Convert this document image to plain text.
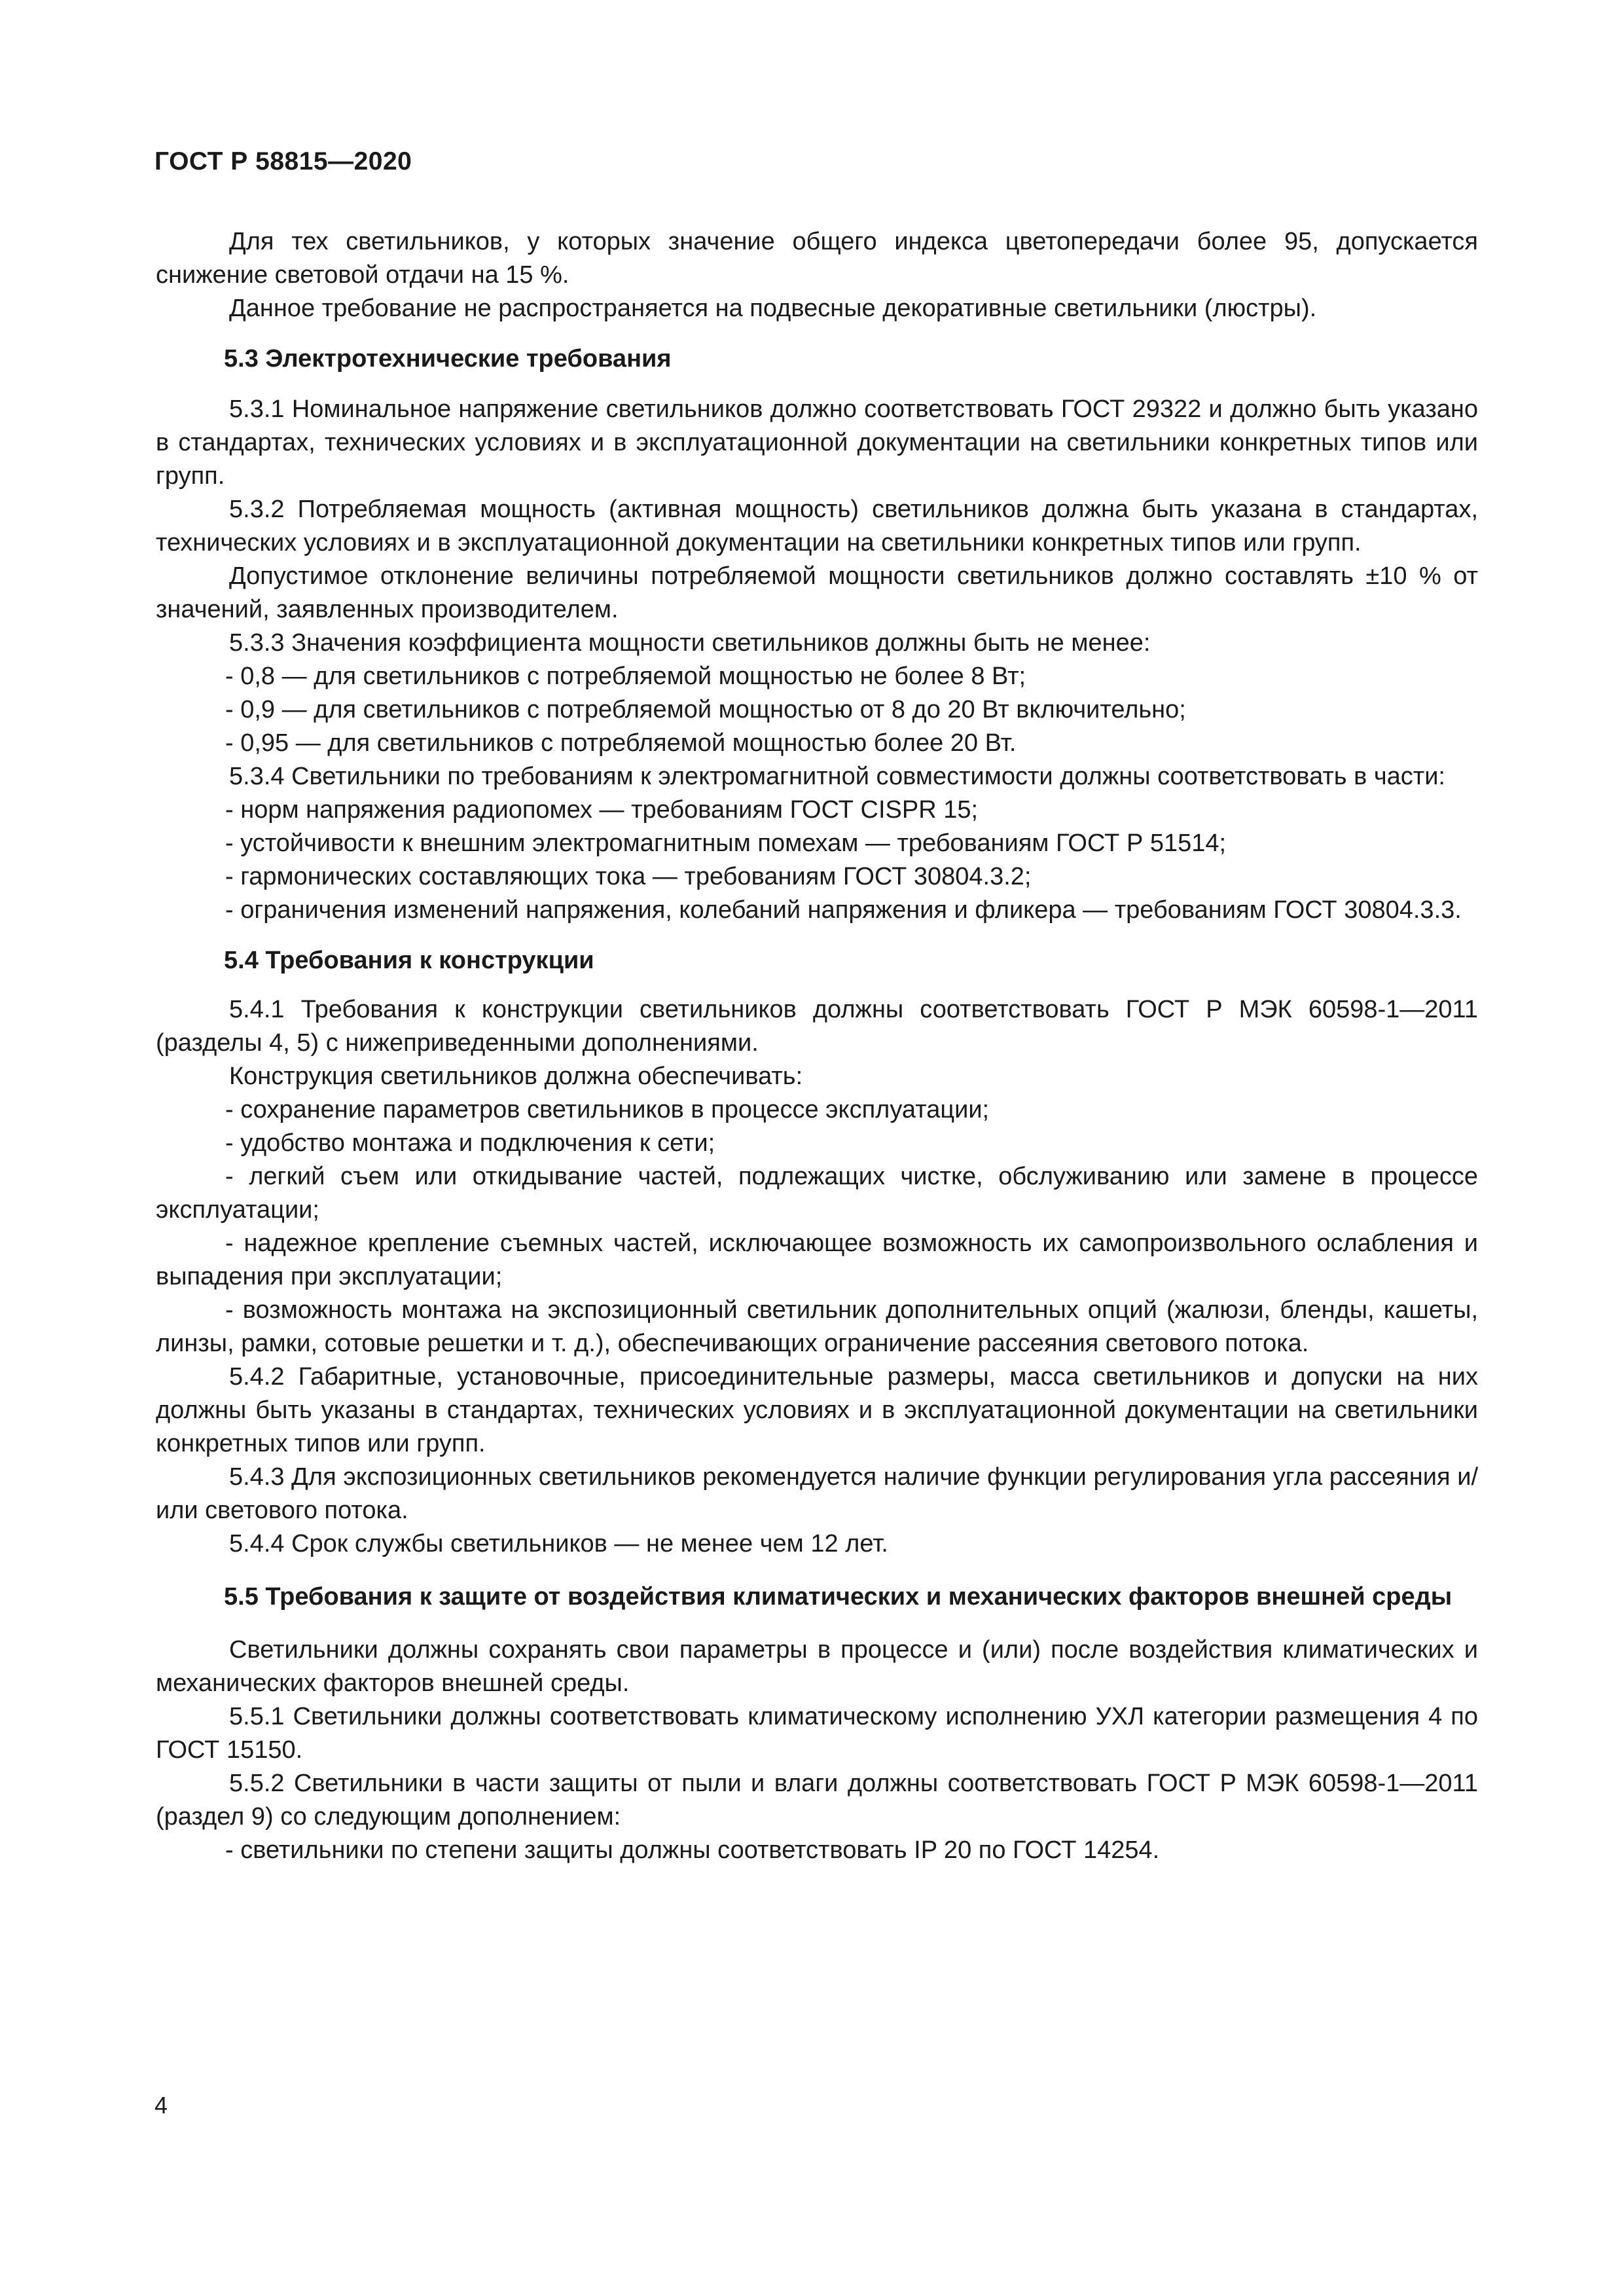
ГОСТ Р 58815—2020

Для тех светильников, у которых значение общего индекса цветопередачи более 95, допускается снижение световой отдачи на 15 %.

Данное требование не распространяется на подвесные декоративные светильники (люстры).

5.3 Электротехнические требования

5.3.1 Номинальное напряжение светильников должно соответствовать ГОСТ 29322 и должно быть указано в стандартах, технических условиях и в эксплуатационной документации на светильники конкретных типов или групп.

5.3.2 Потребляемая мощность (активная мощность) светильников должна быть указана в стандартах, технических условиях и в эксплуатационной документации на светильники конкретных типов или групп.

Допустимое отклонение величины потребляемой мощности светильников должно составлять ±10 % от значений, заявленных производителем.

5.3.3 Значения коэффициента мощности светильников должны быть не менее:

- 0,8 — для светильников с потребляемой мощностью не более 8 Вт;

- 0,9 — для светильников с потребляемой мощностью от 8 до 20 Вт включительно;

- 0,95 — для светильников с потребляемой мощностью более 20 Вт.

5.3.4 Светильники по требованиям к электромагнитной совместимости должны соответствовать в части:

- норм напряжения радиопомех — требованиям ГОСТ CISPR 15;

- устойчивости к внешним электромагнитным помехам — требованиям ГОСТ Р 51514;

- гармонических составляющих тока — требованиям ГОСТ 30804.3.2;

- ограничения изменений напряжения, колебаний напряжения и фликера — требованиям ГОСТ 30804.3.3.

5.4 Требования к конструкции

5.4.1 Требования к конструкции светильников должны соответствовать ГОСТ Р МЭК 60598-1—2011 (разделы 4, 5) с нижеприведенными дополнениями.

Конструкция светильников должна обеспечивать:

- сохранение параметров светильников в процессе эксплуатации;

- удобство монтажа и подключения к сети;

- легкий съем или откидывание частей, подлежащих чистке, обслуживанию или замене в процессе эксплуатации;

- надежное крепление съемных частей, исключающее возможность их самопроизвольного ослабления и выпадения при эксплуатации;

- возможность монтажа на экспозиционный светильник дополнительных опций (жалюзи, бленды, кашеты, линзы, рамки, сотовые решетки и т. д.), обеспечивающих ограничение рассеяния светового потока.

5.4.2 Габаритные, установочные, присоединительные размеры, масса светильников и допуски на них должны быть указаны в стандартах, технических условиях и в эксплуатационной документации на светильники конкретных типов или групп.

5.4.3 Для экспозиционных светильников рекомендуется наличие функции регулирования угла рассеяния и/или светового потока.

5.4.4 Срок службы светильников — не менее чем 12 лет.

5.5 Требования к защите от воздействия климатических и механических факторов внешней среды

Светильники должны сохранять свои параметры в процессе и (или) после воздействия климатических и механических факторов внешней среды.

5.5.1 Светильники должны соответствовать климатическому исполнению УХЛ категории размещения 4 по ГОСТ 15150.

5.5.2 Светильники в части защиты от пыли и влаги должны соответствовать ГОСТ Р МЭК 60598-1—2011 (раздел 9) со следующим дополнением:

- светильники по степени защиты должны соответствовать IP 20 по ГОСТ 14254.

4
